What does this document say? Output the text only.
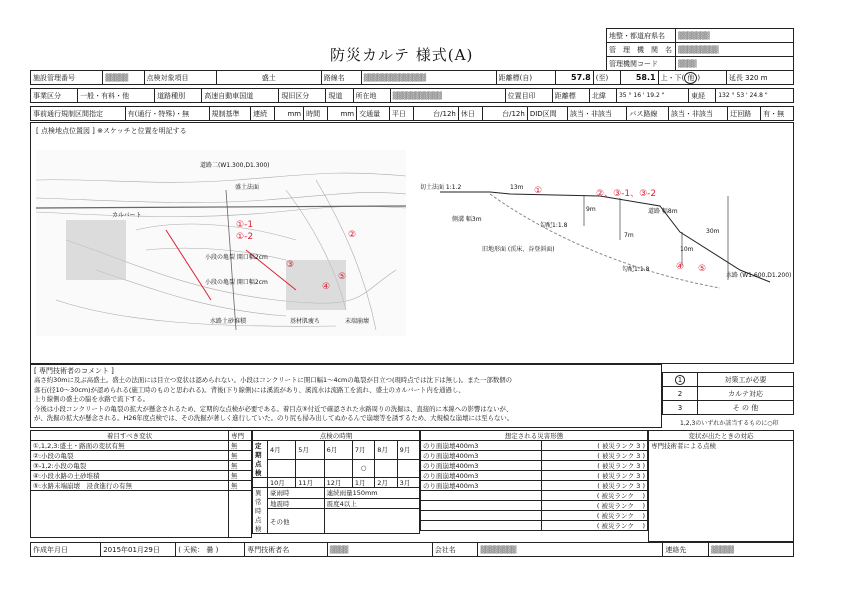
防災カルテ 様式(A)
地整・都道府県名	▓▓▓▓▓▓▓
管　理　機　関　名	▓▓▓▓▓▓▓▓▓
管理機関コード	▓▓▓▓
施設管理番号	▓▓▓▓▓	点検対象項目	盛土	路線名	▓▓▓▓▓▓▓▓▓▓▓▓▓▓	距離標(自)	57.8	(至)	58.1	上・下( 他 )	延長 320 m
事業区分	一般・有料・他	道路種別	高速自動車国道	現旧区分	現道	所在地	▓▓▓▓▓▓▓▓▓▓▓	位置目印	距離標	北緯	35 ° 16 ' 19.2 "	東経	132 ° 53 ' 24.8 "
事前通行規制区間指定	有(通行・特殊)・無	規制基準	連続	mm	時間	mm	交通量	平日	台/12h	休日	台/12h	DID区間	該当・非該当	バス路線	該当・非該当	迂回路	有・無
[ 点検地点位置図 ] ※スケッチと位置を明記する
道路二(W1.300,D1.300)
盛土法面
カルバート
小段の亀裂 開口幅2cm
小段の亀裂 開口幅2cm
①-1
①-2	②
③
④
⑤
水路土砂堆積	基材肌痩ち	末端崩壊
切土法面 1:1.2	13m ①	②、③-1、③-2
道路 幅8m
9m
側溝 幅3m
7m
勾配1:1.8
旧地形面 (渓床、谷登斜面)	10m
30m
勾配1:1.8	④ ⑤
水路 (W1.600,D1.200)
[ 専門技術者のコメント ]
高さ約30mに及ぶ高盛土。盛土の法面には目立つ変状は認められない。小段はコンクリートに開口幅1～4cmの亀裂が目立つ(現時点では沈下は無し)。また一部数個の
落石(径10～30cm)が認められる(施工時のものと思われる)。背後(下り線側)には溪流があり、溪流水は流路工を流れ、盛土のカルバート内を通過し、
上り線側の盛土の脇を水路で流下する。
今後は小段コンクリートの亀裂の拡大が懸念されるため、定期的な点検が必要である。着目点⑤付近で確認された水路周りの洗掘は、直接的に本線への影響はないが、
が、洗掘の拡大が懸念される。H26年度点検では、その洗掘が著しく進行していた。のり尻も掃み出してぬかるんで崩壊等を誘するため、大規模な崩壊には至らない。
1	対策工が必要
2	カルテ対応
3	そ の 他
1,2,3のいずれか該当するものに○印
着目すべき変状	専門
①,1,2,3:盛土・路面の変状有無	無
②:小段の亀裂	無
③-1,2:小段の亀裂	無
④:小段水路の土砂堆積	無
⑤:水路末端崩壊　浸食進行の有無	無

点検の時期						
定期点検	4月	5月	6月	7月	8月	9月
				○		
	10月	11月	12月	1月	2月	3月
異常時点検	豪雨時		連続雨量150mm			
	地震時		震度4以上			
	その他					
想定される災害形態	
のり面崩壊400m3	( 被災ランク 3 )
のり面崩壊400m3	( 被災ランク 3 )
のり面崩壊400m3	( 被災ランク 3 )
のり面崩壊400m3	( 被災ランク 3 )
のり面崩壊400m3	( 被災ランク 3 )
	( 被災ランク　 )
	( 被災ランク　 )
	( 被災ランク　 )
	( 被災ランク　 )
変状が出たときの対応
専門技術者による点検
作成年月日	2015年01月29日	( 天候： 曇 )	専門技術者名	▓▓▓▓	会社名	▓▓▓▓▓▓▓▓	連絡先	▓▓▓▓▓
